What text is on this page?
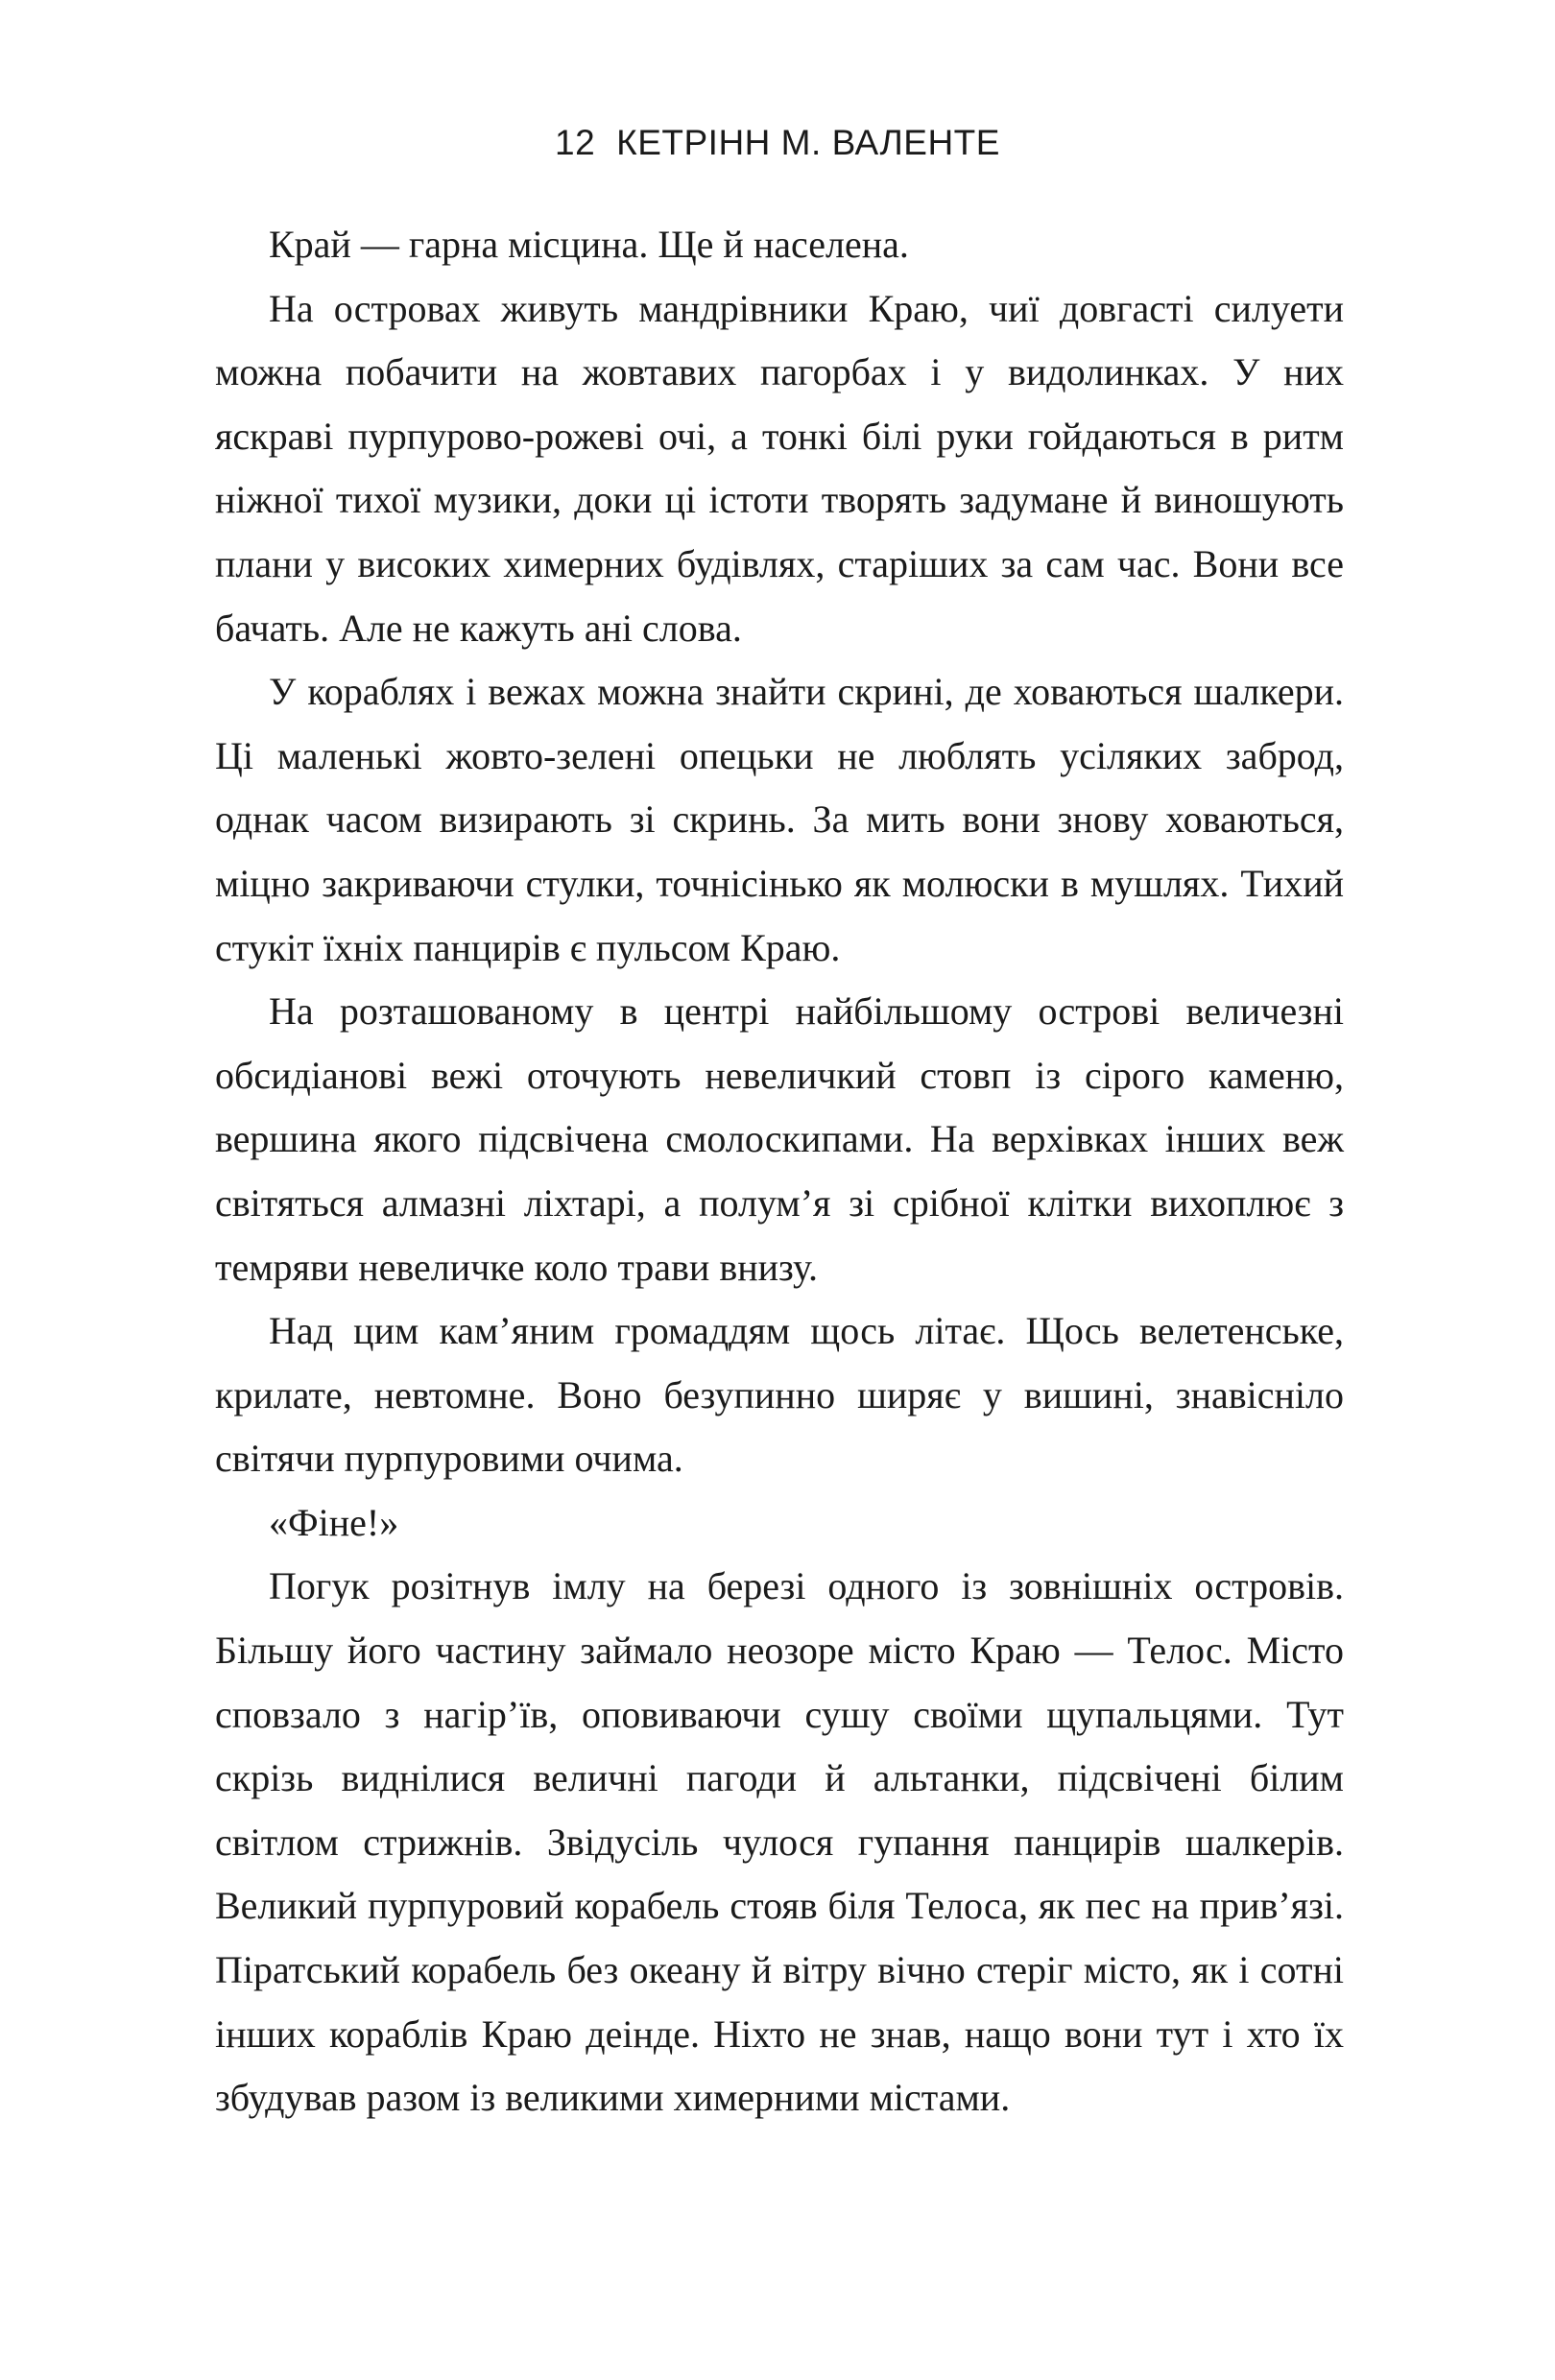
12 КЕТРІНН М. ВАЛЕНТЕ

Край — гарна місцина. Ще й населена.

На островах живуть мандрівники Краю, чиї довгасті силуети можна побачити на жовтавих пагорбах і у видолинках. У них яскраві пурпурово-рожеві очі, а тонкі білі руки гойдаються в ритм ніжної тихої музики, доки ці істоти творять задумане й виношують плани у високих химерних будівлях, старіших за сам час. Вони все бачать. Але не кажуть ані слова.

У кораблях і вежах можна знайти скрині, де ховаються шалкери. Ці маленькі жовто-зелені опецьки не люблять усіляких заброд, однак часом визирають зі скринь. За мить вони знову ховаються, міцно закриваючи стулки, точнісінько як молюски в мушлях. Тихий стукіт їхніх панцирів є пульсом Краю.

На розташованому в центрі найбільшому острові величезні обсидіанові вежі оточують невеличкий стовп із сірого каменю, вершина якого підсвічена смолоскипами. На верхівках інших веж світяться алмазні ліхтарі, а полум’я зі срібної клітки вихоплює з темряви невеличке коло трави внизу.

Над цим кам’яним громаддям щось літає. Щось велетенське, крилате, невтомне. Воно безупинно ширяє у вишині, знавісніло світячи пурпуровими очима.

«Фіне!»

Погук розітнув імлу на березі одного із зовнішніх островів. Більшу його частину займало неозоре місто Краю — Телос. Місто сповзало з нагір’їв, оповиваючи сушу своїми щупальцями. Тут скрізь виднілися величні пагоди й альтанки, підсвічені білим світлом стрижнів. Звідусіль чулося гупання панцирів шалкерів. Великий пурпуровий корабель стояв біля Телоса, як пес на прив’язі. Піратський корабель без океану й вітру вічно стеріг місто, як і сотні інших кораблів Краю деінде. Ніхто не знав, нащо вони тут і хто їх збудував разом із великими химерними містами.
